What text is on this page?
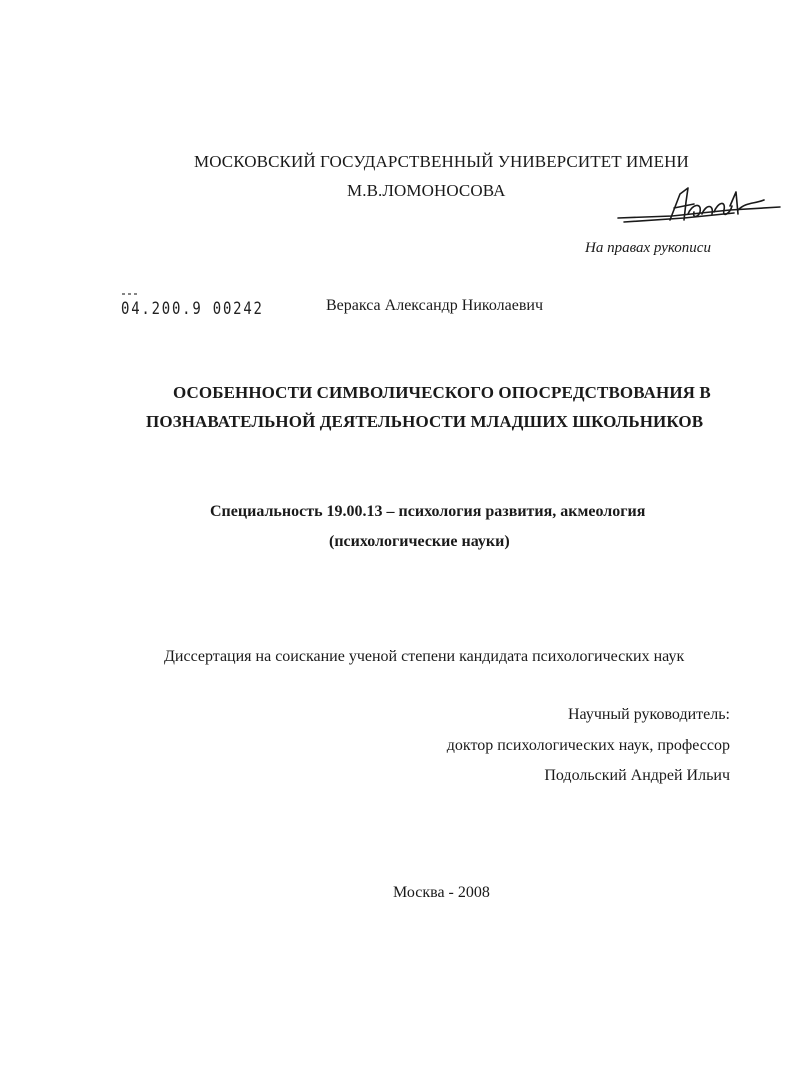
МОСКОВСКИЙ ГОСУДАРСТВЕННЫЙ УНИВЕРСИТЕТ ИМЕНИ
М.В.ЛОМОНОСОВА
На правах рукописи
04.200.9 00242	Веракса Александр Николаевич
ОСОБЕННОСТИ СИМВОЛИЧЕСКОГО ОПОСРЕДСТВОВАНИЯ В
ПОЗНАВАТЕЛЬНОЙ ДЕЯТЕЛЬНОСТИ МЛАДШИХ ШКОЛЬНИКОВ
Специальность 19.00.13 – психология развития, акмеология
(психологические науки)
Диссертация на соискание ученой степени кандидата психологических наук
Научный руководитель:
доктор психологических наук, профессор
Подольский Андрей Ильич
Москва - 2008
